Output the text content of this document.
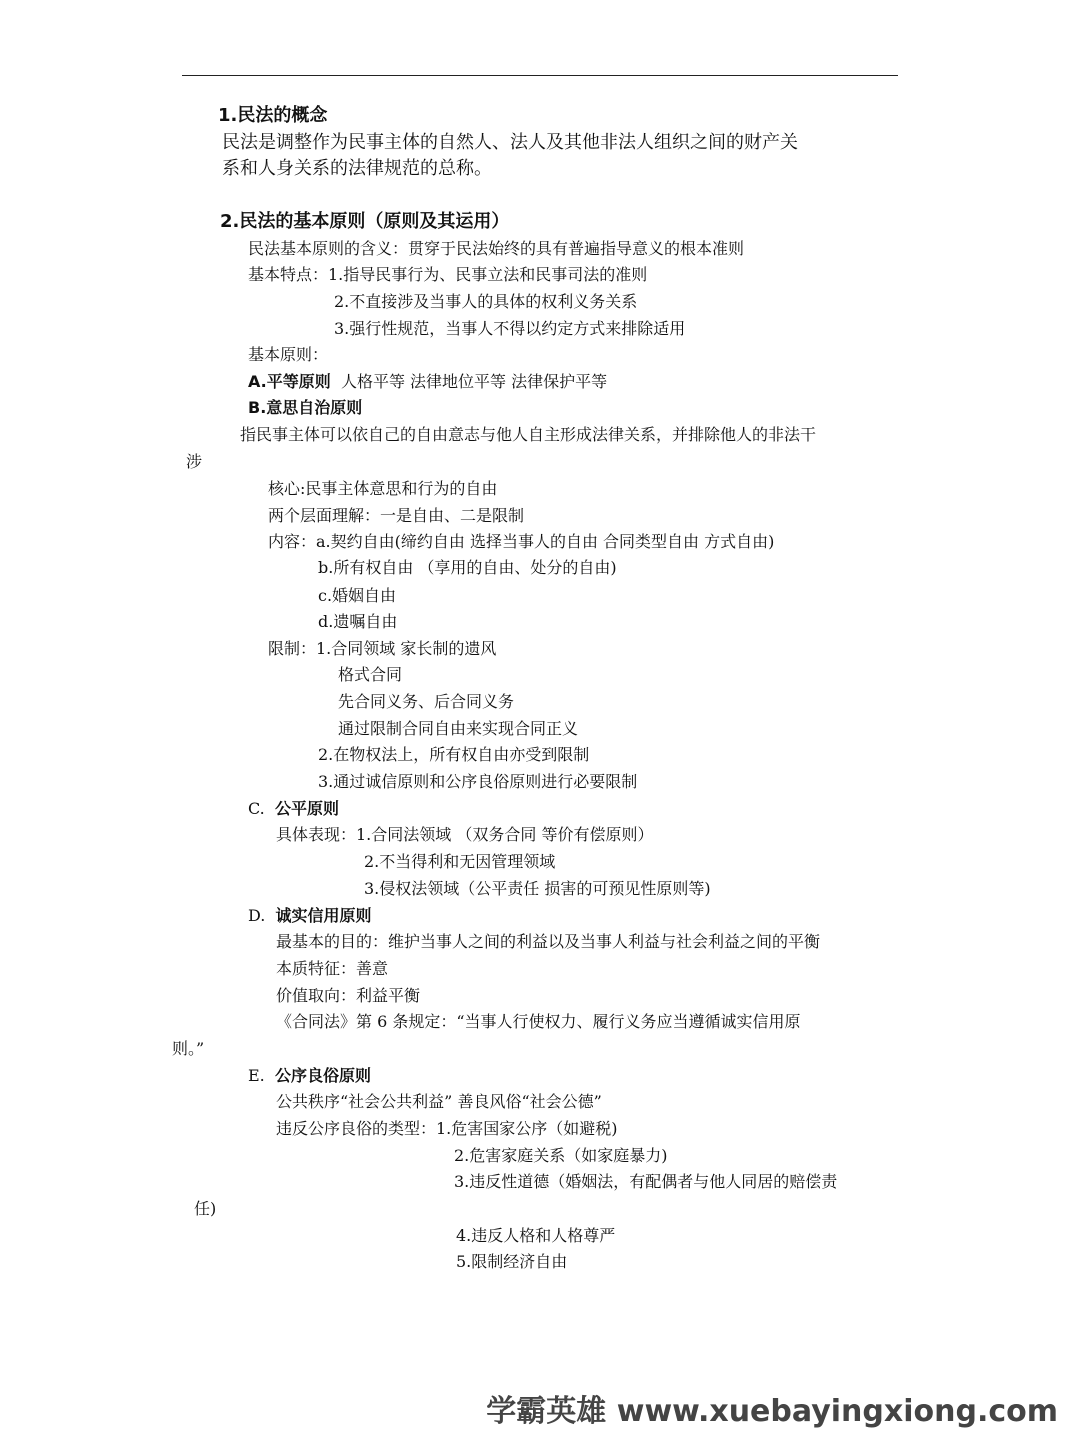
1.民法的概念
民法是调整作为民事主体的自然人、法人及其他非法人组织之间的财产关
系和人身关系的法律规范的总称。
2.民法的基本原则（原则及其运用）
民法基本原则的含义：贯穿于民法始终的具有普遍指导意义的根本准则
基本特点：1.指导民事行为、民事立法和民事司法的准则
2.不直接涉及当事人的具体的权利义务关系
3.强行性规范，当事人不得以约定方式来排除适用
基本原则：
A.平等原则 人格平等 法律地位平等 法律保护平等
B.意思自治原则
指民事主体可以依自己的自由意志与他人自主形成法律关系，并排除他人的非法干
涉
核心:民事主体意思和行为的自由
两个层面理解：一是自由、二是限制
内容：a.契约自由(缔约自由 选择当事人的自由 合同类型自由 方式自由)
b.所有权自由 （享用的自由、处分的自由)
c.婚姻自由
d.遗嘱自由
限制：1.合同领域 家长制的遗风
格式合同
先合同义务、后合同义务
通过限制合同自由来实现合同正义
2.在物权法上，所有权自由亦受到限制
3.通过诚信原则和公序良俗原则进行必要限制
C. 公平原则
具体表现：1.合同法领域 （双务合同 等价有偿原则）
2.不当得利和无因管理领域
3.侵权法领域（公平责任 损害的可预见性原则等)
D. 诚实信用原则
最基本的目的：维护当事人之间的利益以及当事人利益与社会利益之间的平衡
本质特征：善意
价值取向：利益平衡
《合同法》第 6 条规定：“当事人行使权力、履行义务应当遵循诚实信用原
则。”
E. 公序良俗原则
公共秩序“社会公共利益” 善良风俗“社会公德”
违反公序良俗的类型：1.危害国家公序（如避税)
2.危害家庭关系（如家庭暴力)
3.违反性道德（婚姻法，有配偶者与他人同居的赔偿责
任)
4.违反人格和人格尊严
5.限制经济自由
学霸英雄 www.xuebayingxiong.com
